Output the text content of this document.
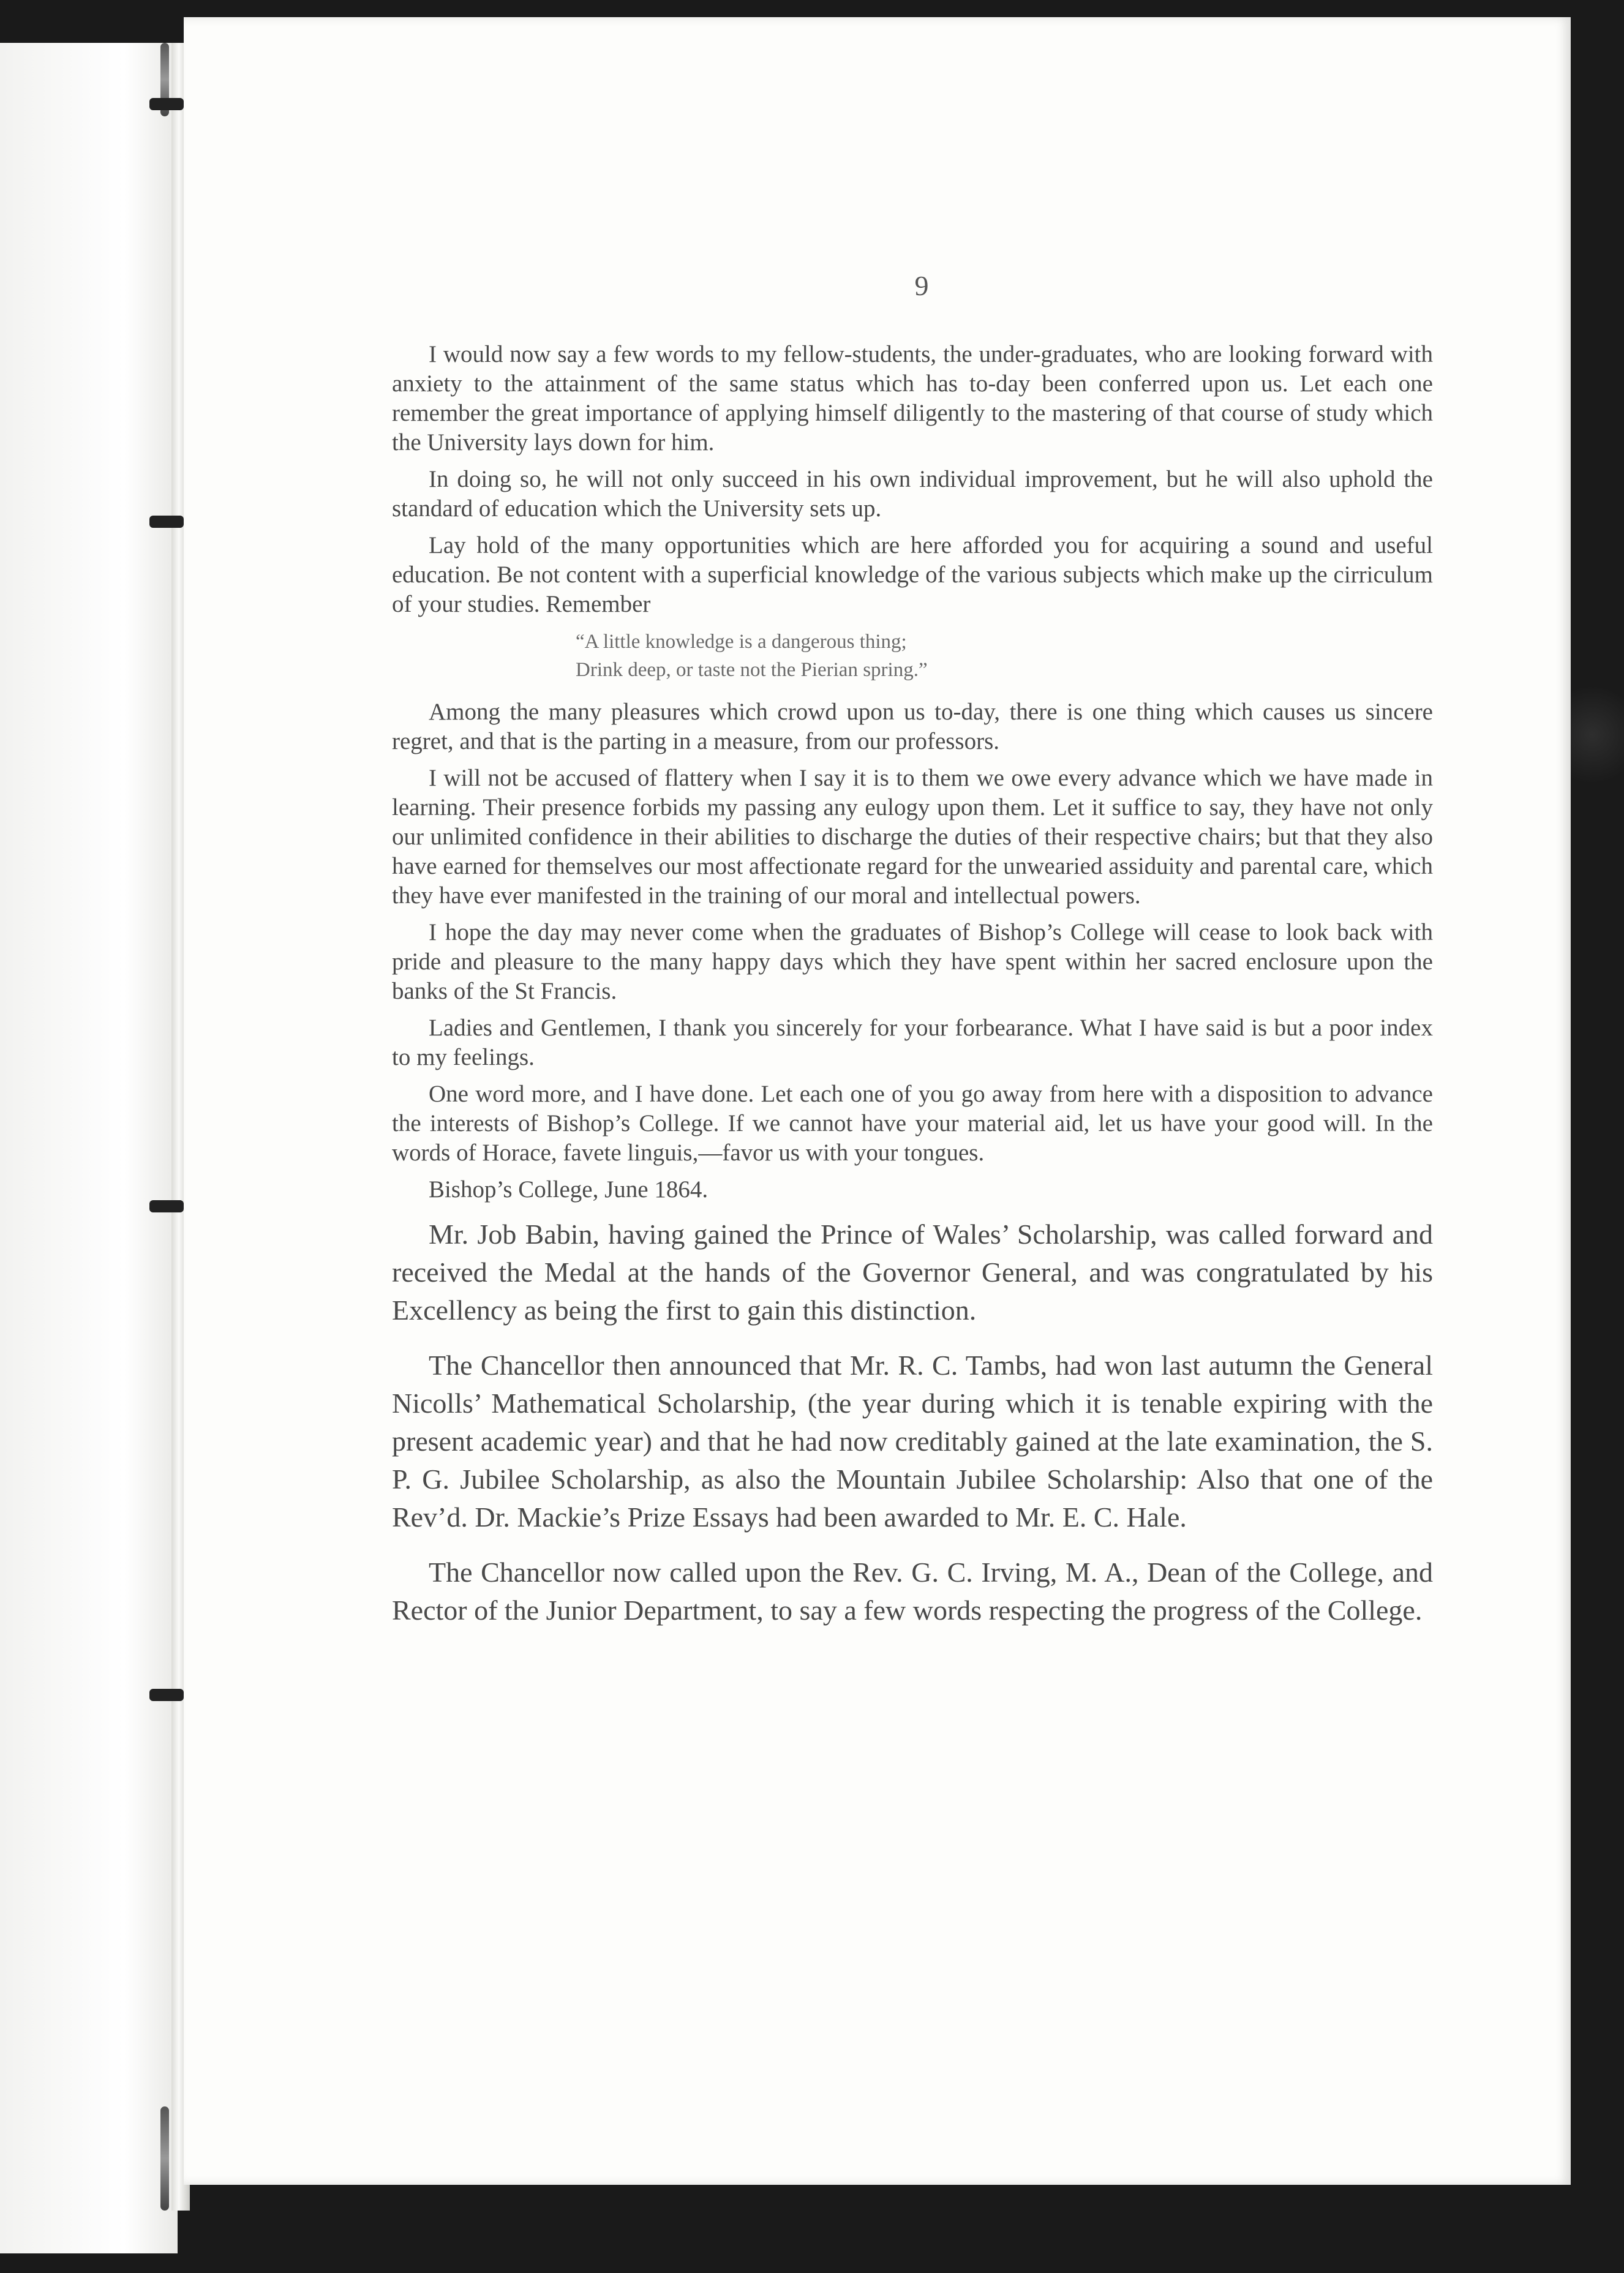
9

I would now say a few words to my fellow-students, the under-graduates, who are looking forward with anxiety to the attainment of the same status which has to-day been conferred upon us. Let each one remember the great importance of applying himself diligently to the mastering of that course of study which the University lays down for him.

In doing so, he will not only succeed in his own individual improvement, but he will also uphold the standard of education which the University sets up.

Lay hold of the many opportunities which are here afforded you for acquiring a sound and useful education. Be not content with a superficial knowledge of the various subjects which make up the cirriculum of your studies. Remember

“A little knowledge is a dangerous thing;
Drink deep, or taste not the Pierian spring.”

Among the many pleasures which crowd upon us to-day, there is one thing which causes us sincere regret, and that is the parting in a measure, from our professors.

I will not be accused of flattery when I say it is to them we owe every advance which we have made in learning. Their presence forbids my passing any eulogy upon them. Let it suffice to say, they have not only our unlimited confidence in their abilities to discharge the duties of their respective chairs; but that they also have earned for themselves our most affectionate regard for the unwearied assiduity and parental care, which they have ever manifested in the training of our moral and intellectual powers.

I hope the day may never come when the graduates of Bishop’s College will cease to look back with pride and pleasure to the many happy days which they have spent within her sacred enclosure upon the banks of the St Francis.

Ladies and Gentlemen, I thank you sincerely for your forbearance. What I have said is but a poor index to my feelings.

One word more, and I have done. Let each one of you go away from here with a disposition to advance the interests of Bishop’s College. If we cannot have your material aid, let us have your good will. In the words of Horace, favete linguis,—favor us with your tongues.

Bishop’s College, June 1864.

Mr. Job Babin, having gained the Prince of Wales’ Scholarship, was called forward and received the Medal at the hands of the Governor General, and was congratulated by his Excellency as being the first to gain this distinction.

The Chancellor then announced that Mr. R. C. Tambs, had won last autumn the General Nicolls’ Mathematical Scholarship, (the year during which it is tenable expiring with the present academic year) and that he had now creditably gained at the late examination, the S. P. G. Jubilee Scholarship, as also the Mountain Jubilee Scholarship: Also that one of the Rev’d. Dr. Mackie’s Prize Essays had been awarded to Mr. E. C. Hale.

The Chancellor now called upon the Rev. G. C. Irving, M. A., Dean of the College, and Rector of the Junior Department, to say a few words respecting the progress of the College.
